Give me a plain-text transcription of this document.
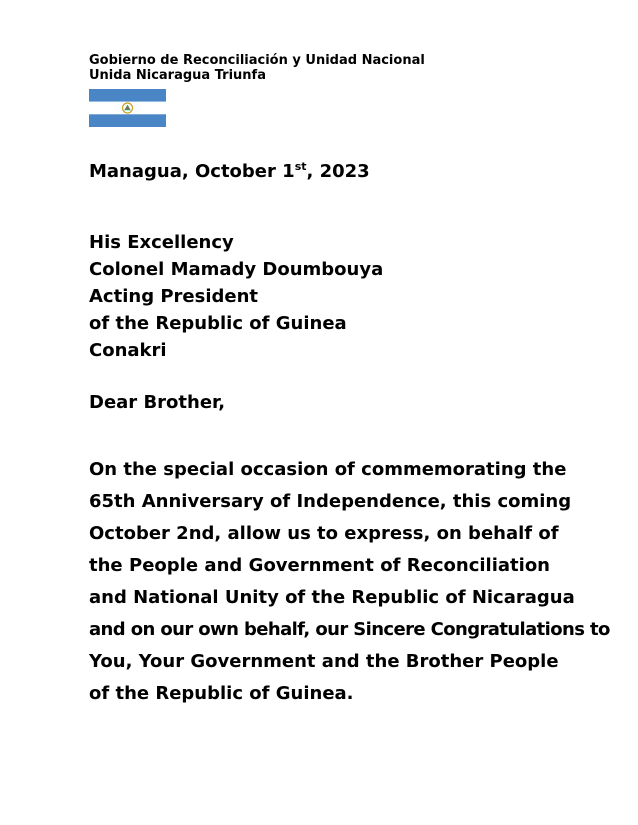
Gobierno de Reconciliación y Unidad Nacional
Unida Nicaragua Triunfa
Managua, October 1st, 2023
His Excellency
Colonel Mamady Doumbouya
Acting President
of the Republic of Guinea
Conakri
Dear Brother,
On the special occasion of commemorating the
65th Anniversary of Independence, this coming
October 2nd, allow us to express, on behalf of
the People and Government of Reconciliation
and National Unity of the Republic of Nicaragua
and on our own behalf, our Sincere Congratulations to
You, Your Government and the Brother People
of the Republic of Guinea.
